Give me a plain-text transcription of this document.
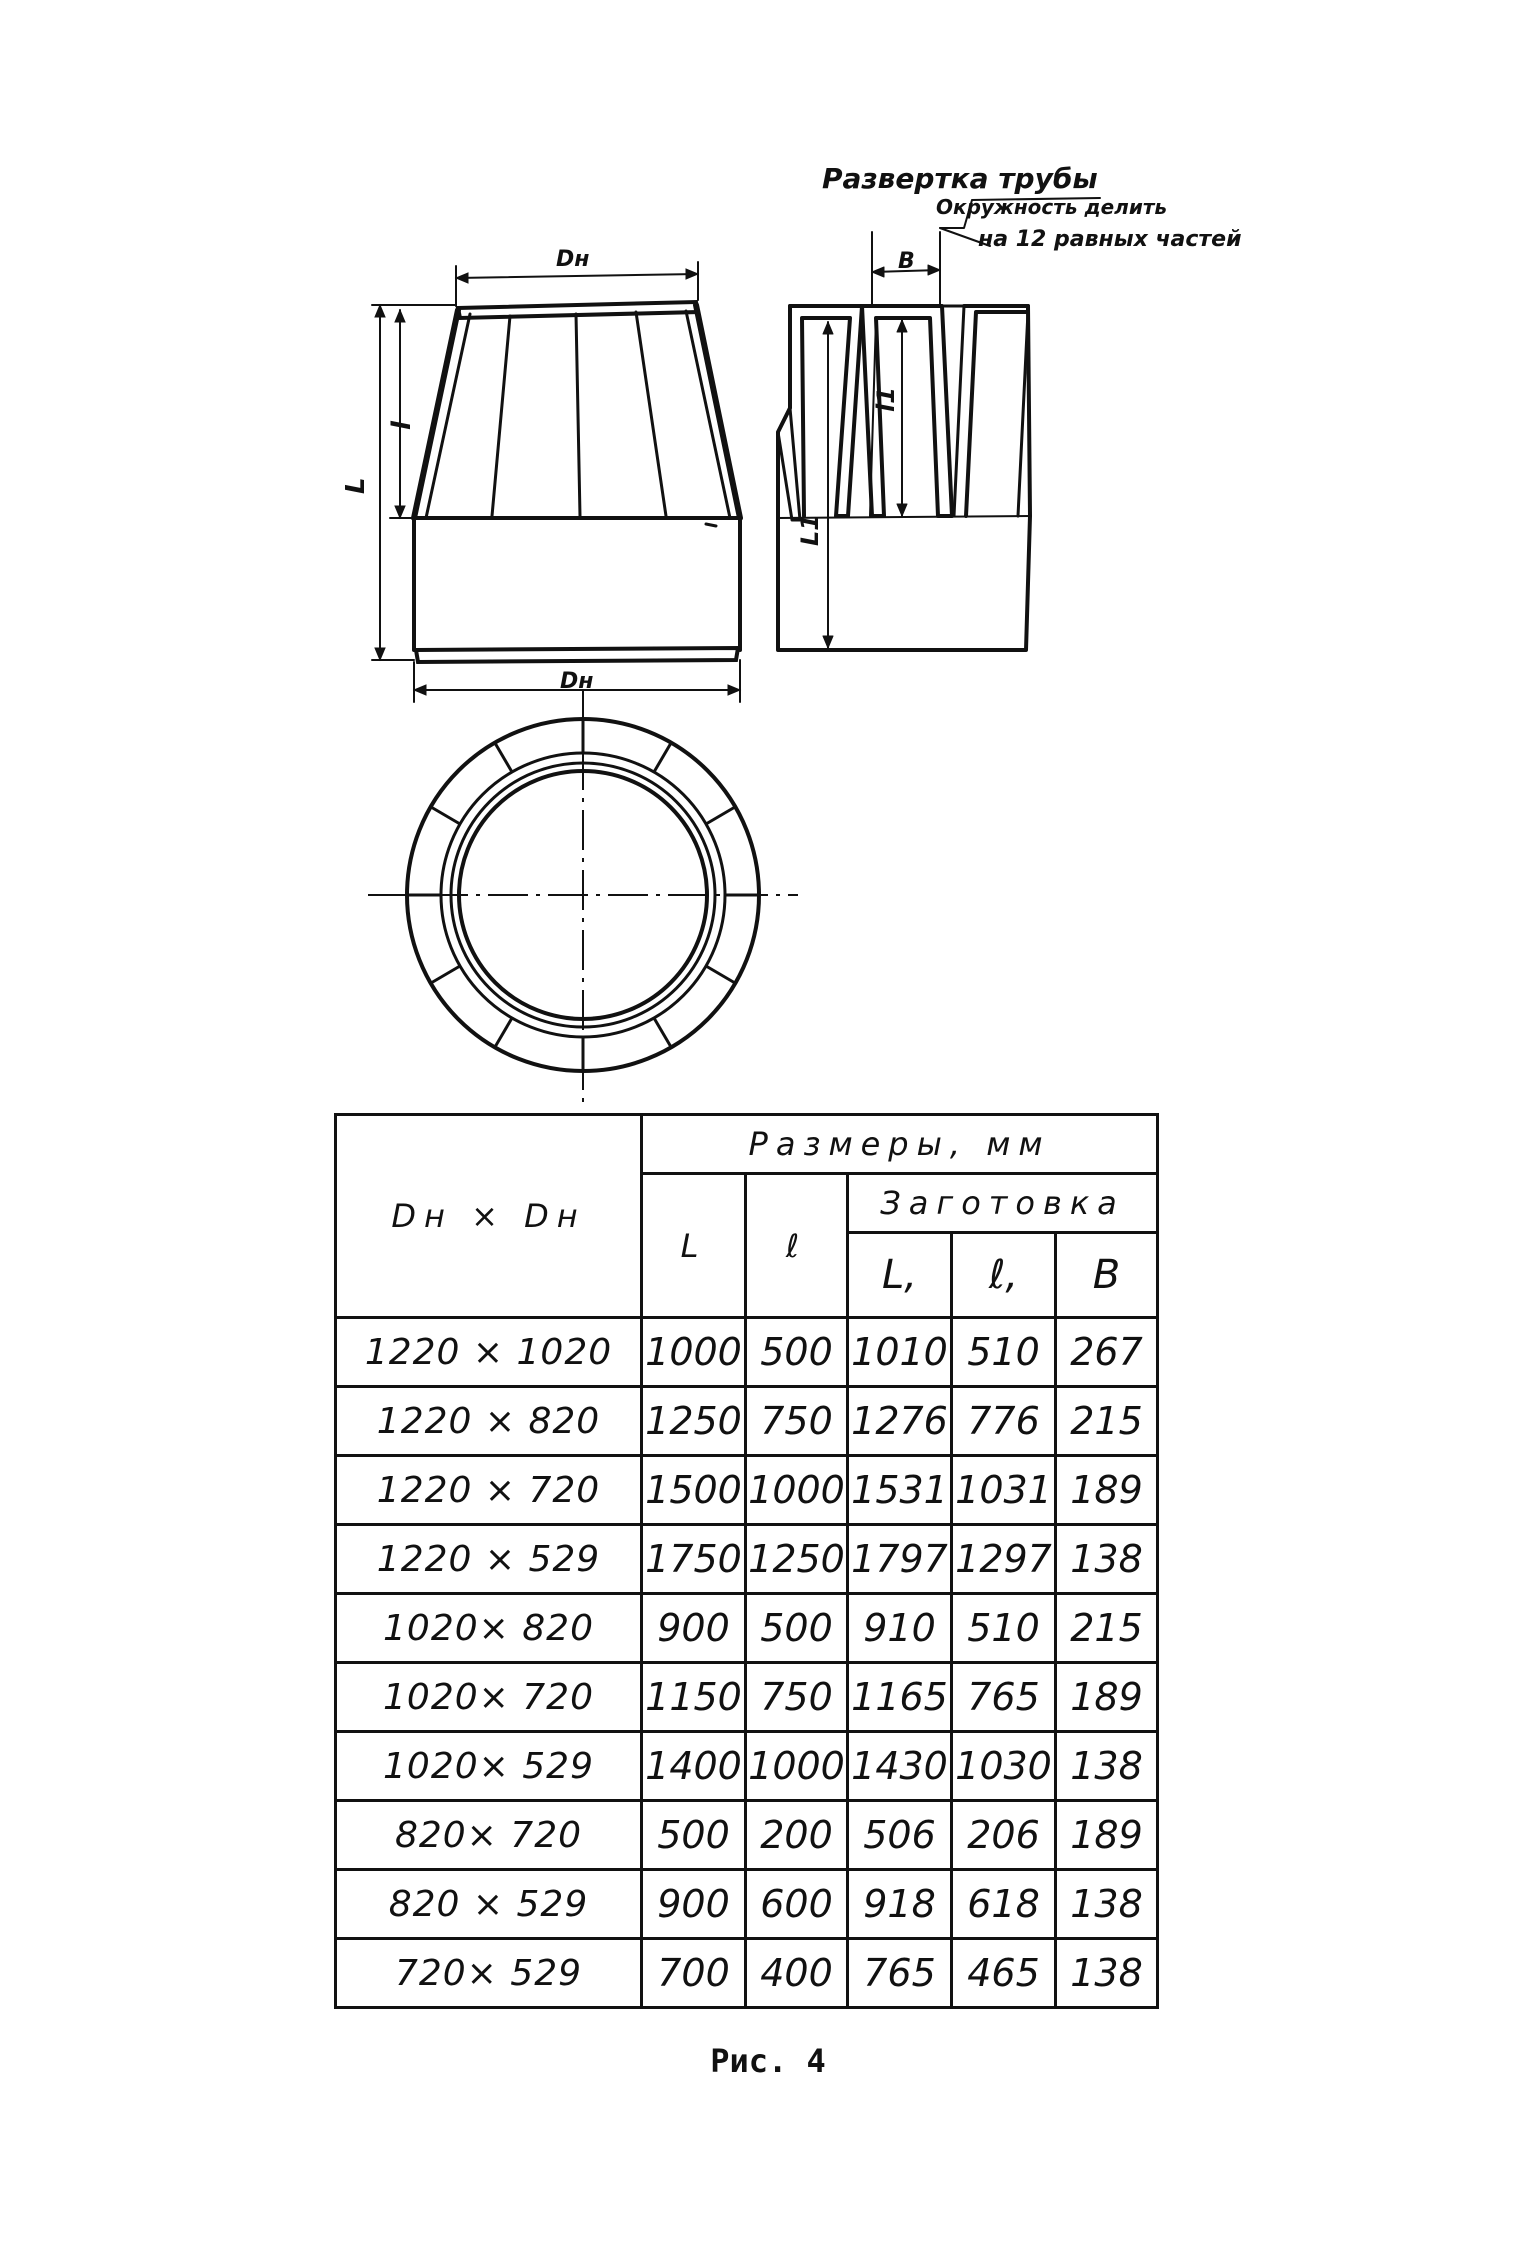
Развертка трубы
Окружность делить
на 12 равных частей
B
Dн
Dн
L
l
L1
l1
Dн × Dн	Размеры, мм				
	L	ℓ	Заготовка		
			L,	ℓ,	B
1220 × 1020	1000	500	1010	510	267
1220 × 820	1250	750	1276	776	215
1220 × 720	1500	1000	1531	1031	189
1220 × 529	1750	1250	1797	1297	138
1020× 820	900	500	910	510	215
1020× 720	1150	750	1165	765	189
1020× 529	1400	1000	1430	1030	138
820× 720	500	200	506	206	189
820 × 529	900	600	918	618	138
720× 529	700	400	765	465	138
Рис. 4
